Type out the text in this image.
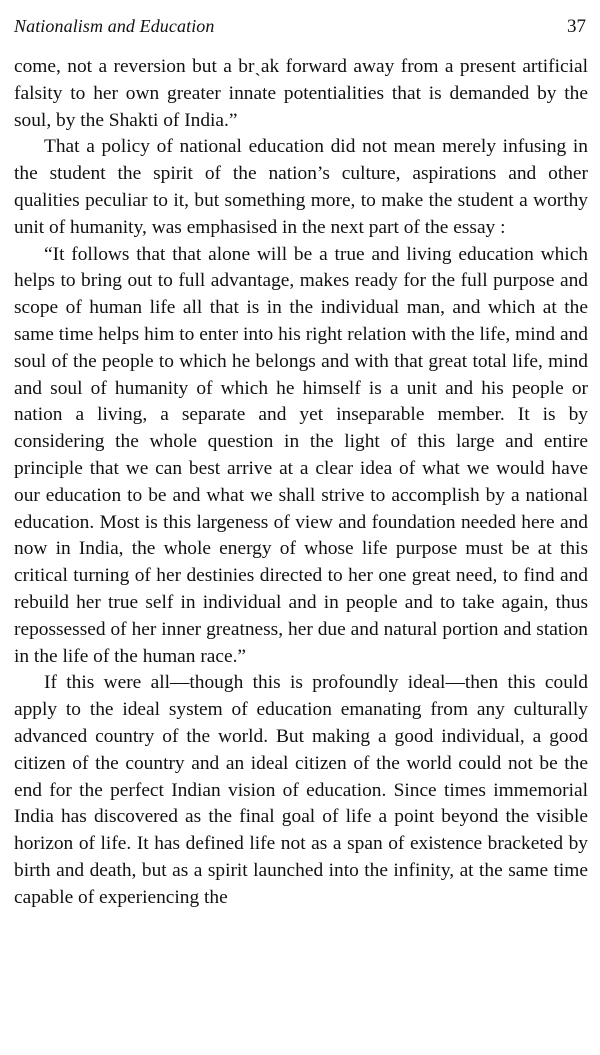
Nationalism and Education	37

come, not a reversion but a brˎak forward away from a present artificial falsity to her own greater innate potentialities that is demanded by the soul, by the Shakti of India.”

That a policy of national education did not mean merely infusing in the student the spirit of the nation’s culture, aspirations and other qualities peculiar to it, but something more, to make the student a worthy unit of humanity, was emphasised in the next part of the essay :

“It follows that that alone will be a true and living education which helps to bring out to full advantage, makes ready for the full purpose and scope of human life all that is in the individual man, and which at the same time helps him to enter into his right relation with the life, mind and soul of the people to which he belongs and with that great total life, mind and soul of humanity of which he himself is a unit and his people or nation a living, a separate and yet inseparable member. It is by considering the whole question in the light of this large and entire principle that we can best arrive at a clear idea of what we would have our education to be and what we shall strive to accomplish by a national education. Most is this largeness of view and foundation needed here and now in India, the whole energy of whose life purpose must be at this critical turning of her destinies directed to her one great need, to find and rebuild her true self in individual and in people and to take again, thus repossessed of her inner greatness, her due and natural portion and station in the life of the human race.”

If this were all—though this is profoundly ideal—then this could apply to the ideal system of education emanating from any culturally advanced country of the world. But making a good individual, a good citizen of the country and an ideal citizen of the world could not be the end for the perfect Indian vision of education. Since times immemorial India has discovered as the final goal of life a point beyond the visible horizon of life. It has defined life not as a span of existence bracketed by birth and death, but as a spirit launched into the infinity, at the same time capable of experiencing the
